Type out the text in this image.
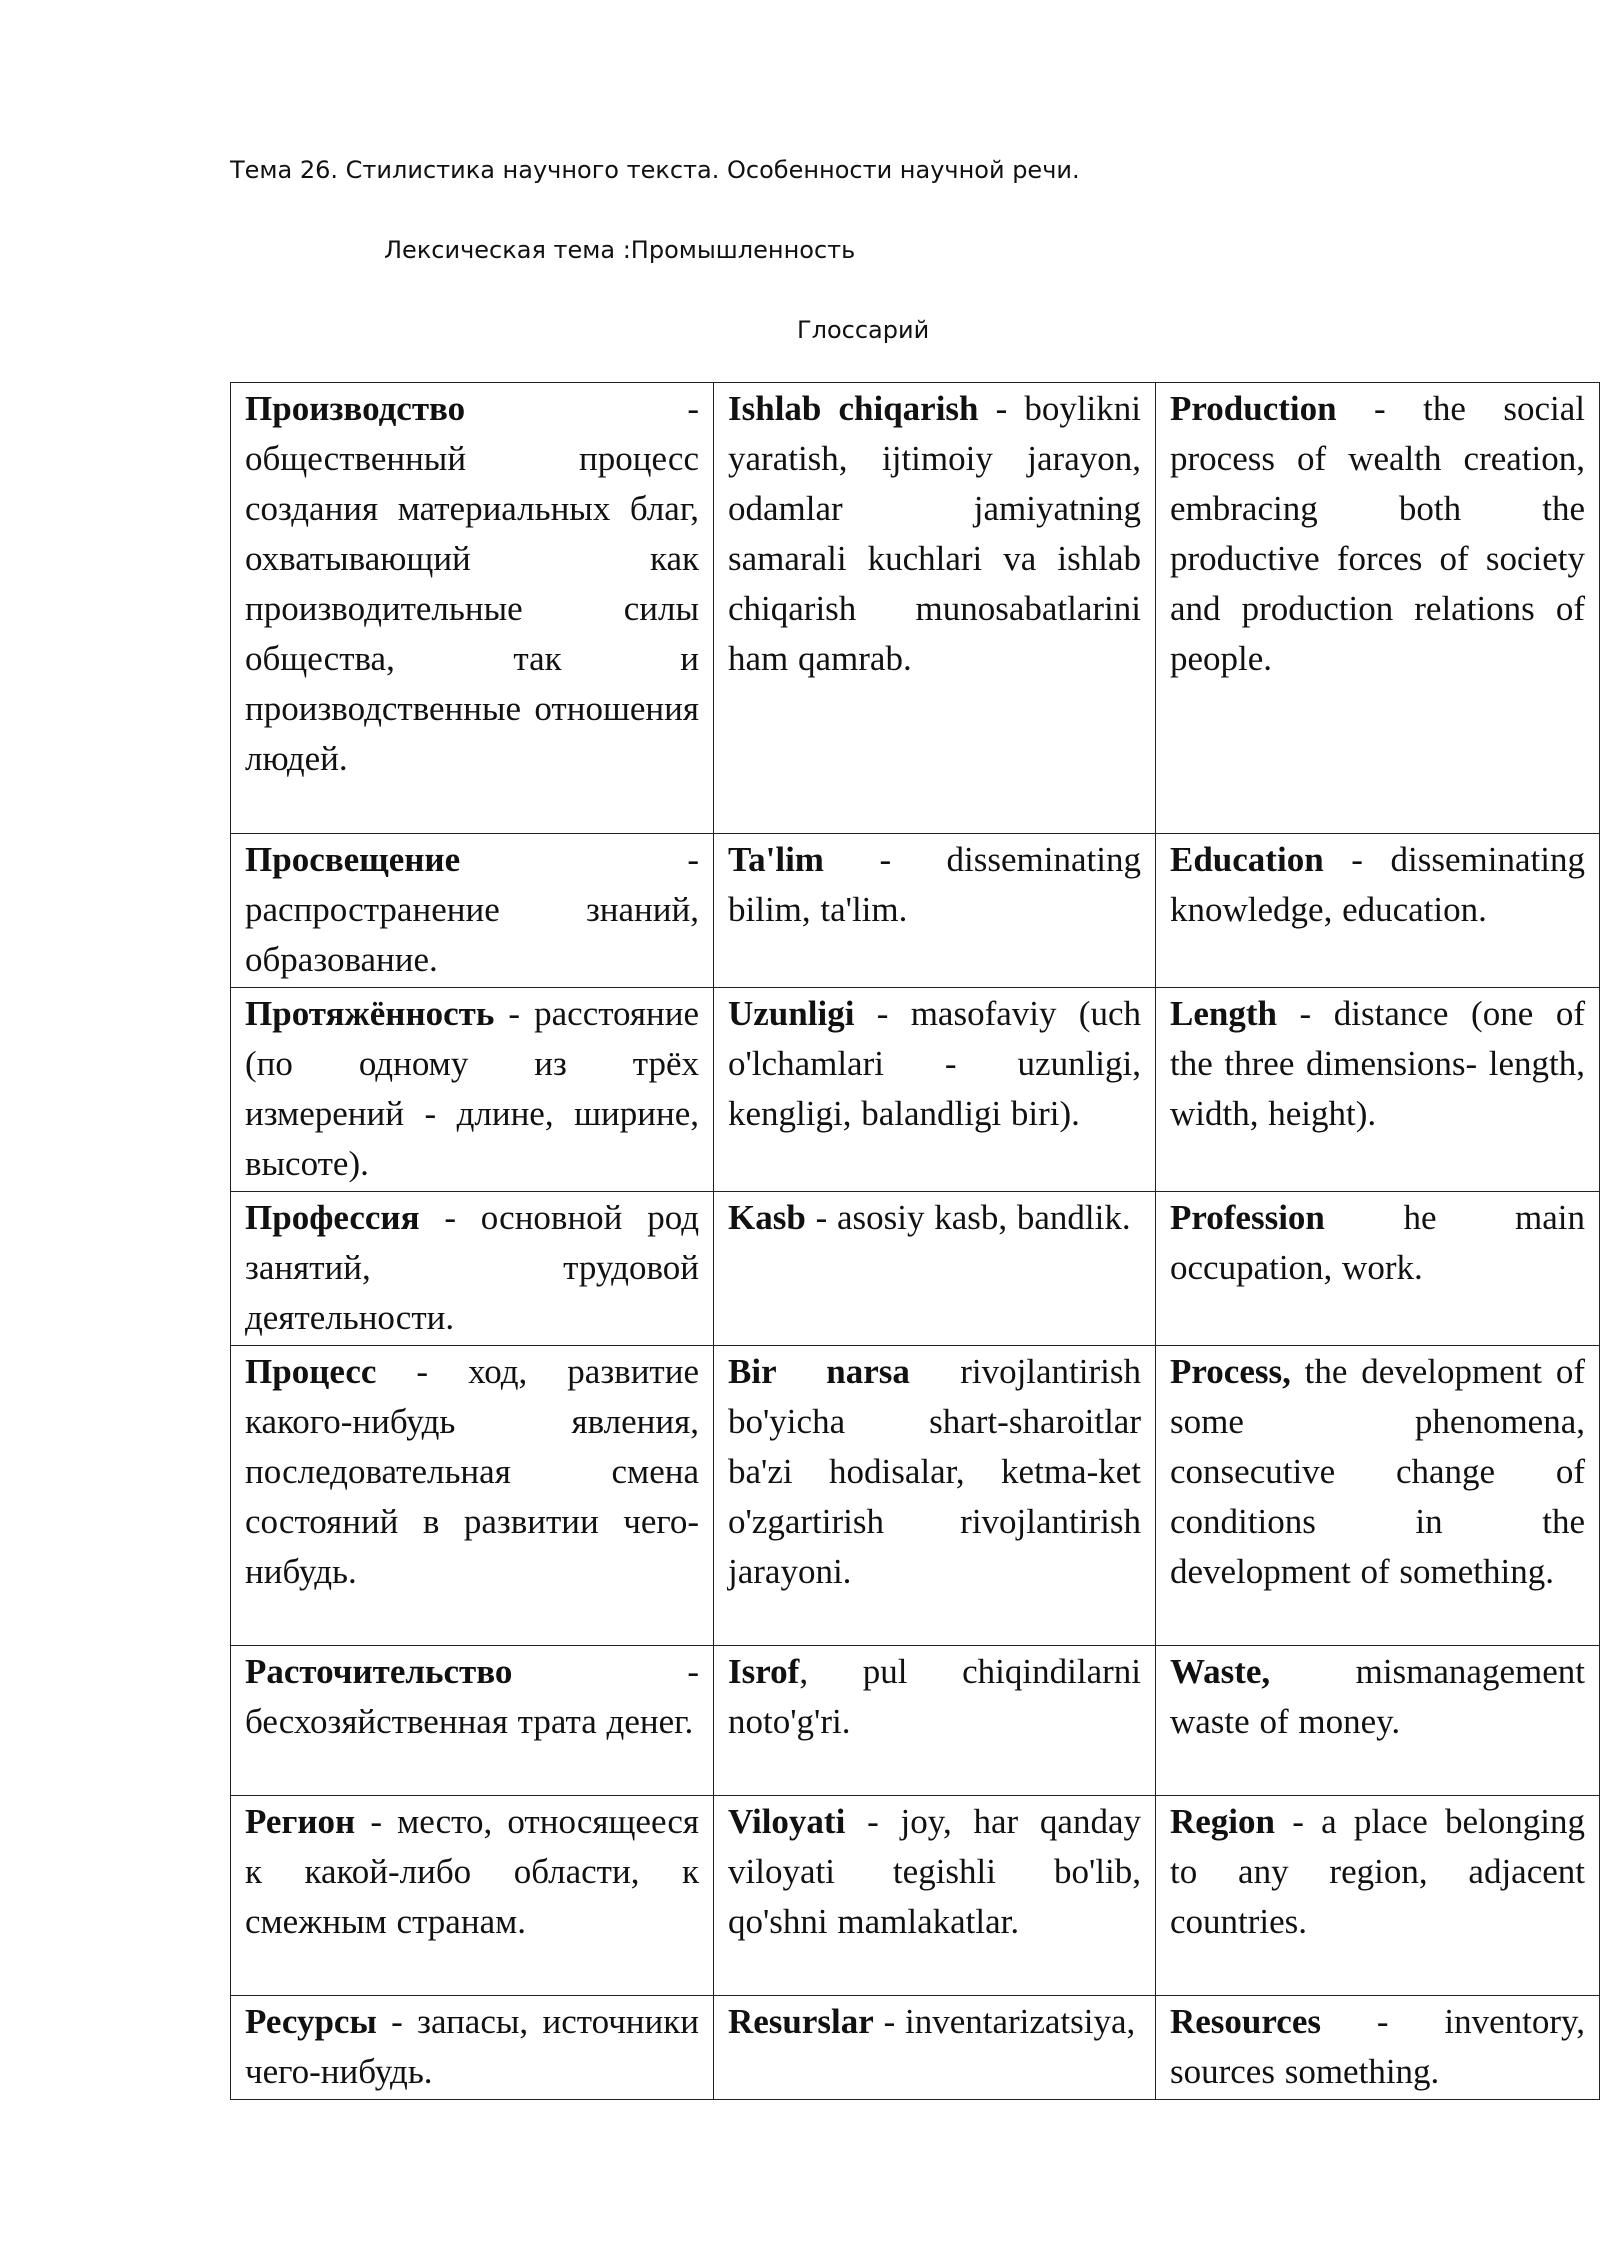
Тема 26. Стилистика научного текста. Особенности научной речи.
Лексическая тема :Промышленность
Глоссарий
Производство - общественный процесс создания материальных благ, охватывающий как производительные силы общества, так и производственные отношения людей.	Ishlab chiqarish - boylikni yaratish, ijtimoiy jarayon, odamlar jamiyatning samarali kuchlari va ishlab chiqarish munosabatlarini ham qamrab.	Production - the social process of wealth creation, embracing both the productive forces of society and production relations of people.
Просвещение - распространение знаний, образование.	Ta'lim - disseminating bilim, ta'lim.	Education - disseminating knowledge, education.
Протяжённость - расстояние (по одному из трёх измерений - длине, ширине, высоте).	Uzunligi - masofaviy (uch o'lchamlari - uzunligi, kengligi, balandligi biri).	Length - distance (one of the three dimensions- length, width, height).
Профессия - основной род занятий, трудовой деятельности.	Kasb - asosiy kasb, bandlik.	Profession he main occupation, work.
Процесс - ход, развитие какого-нибудь явления, последовательная смена состояний в развитии чего-нибудь.	Bir narsa rivojlantirish bo'yicha shart-sharoitlar ba'zi hodisalar, ketma-ket o'zgartirish rivojlantirish jarayoni.	Process, the development of some phenomena, consecutive change of conditions in the development of something.
Расточительство - бесхозяйственная трата денег.	Isrof, pul chiqindilarni noto'g'ri.	Waste, mismanagement waste of money.
Регион - место, относящееся к какой-либо области, к смежным странам.	Viloyati - joy, har qanday viloyati tegishli bo'lib, qo'shni mamlakatlar.	Region - a place belonging to any region, adjacent countries.
Ресурсы - запасы, источники чего-нибудь.	Resurslar - inventarizatsiya,	Resources - inventory, sources something.
